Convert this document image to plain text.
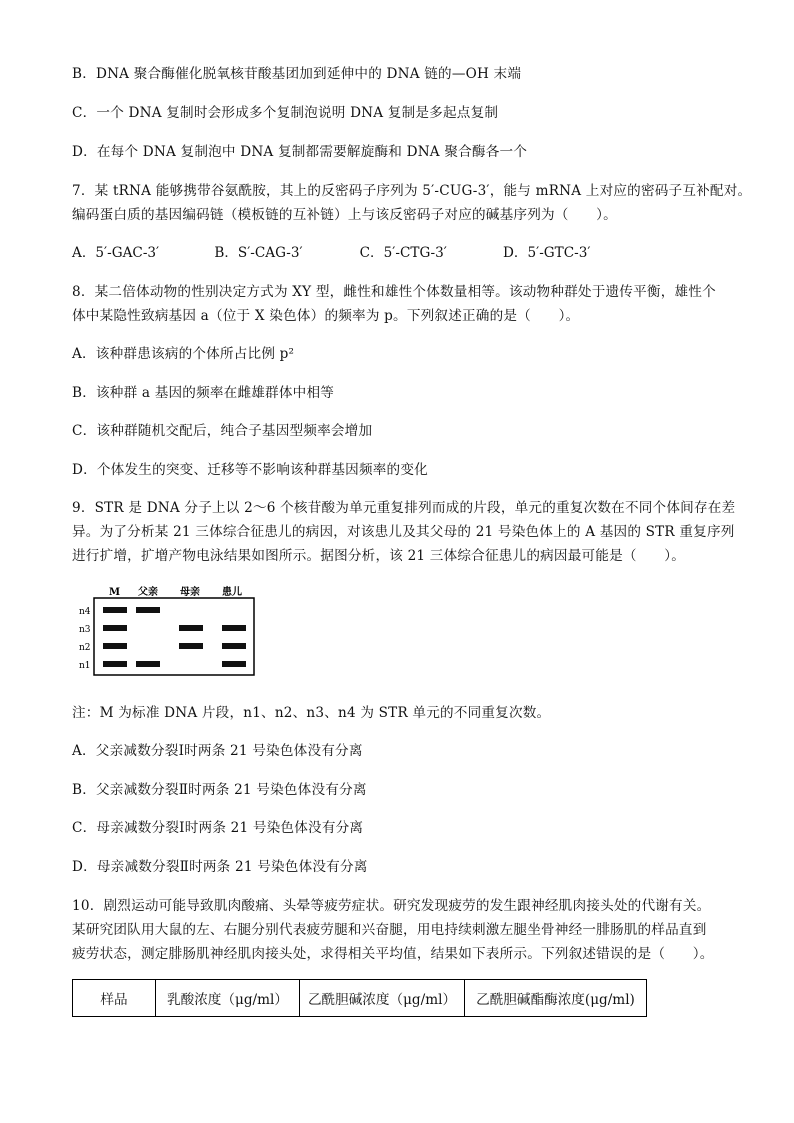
B．DNA 聚合酶催化脱氧核苷酸基团加到延伸中的 DNA 链的—OH 末端
C．一个 DNA 复制时会形成多个复制泡说明 DNA 复制是多起点复制
D．在每个 DNA 复制泡中 DNA 复制都需要解旋酶和 DNA 聚合酶各一个
7．某 tRNA 能够携带谷氨酰胺，其上的反密码子序列为 5′-CUG-3′，能与 mRNA 上对应的密码子互补配对。
编码蛋白质的基因编码链（模板链的互补链）上与该反密码子对应的碱基序列为（　　）。
A．5′-GAC-3′	B．S′-CAG-3′	C．5′-CTG-3′	D．5′-GTC-3′
8．某二倍体动物的性别决定方式为 XY 型，雌性和雄性个体数量相等。该动物种群处于遗传平衡，雄性个
体中某隐性致病基因 a（位于 X 染色体）的频率为 p。下列叙述正确的是（　　）。
A．该种群患该病的个体所占比例 p²
B．该种群 a 基因的频率在雌雄群体中相等
C．该种群随机交配后，纯合子基因型频率会增加
D．个体发生的突变、迁移等不影响该种群基因频率的变化
9．STR 是 DNA 分子上以 2～6 个核苷酸为单元重复排列而成的片段，单元的重复次数在不同个体间存在差
异。为了分析某 21 三体综合征患儿的病因，对该患儿及其父母的 21 号染色体上的 A 基因的 STR 重复序列
进行扩增，扩增产物电泳结果如图所示。据图分析，该 21 三体综合征患儿的病因最可能是（　　）。
M 父亲 母亲 患儿
n4
n3
n2
n1
注：M 为标准 DNA 片段，n1、n2、n3、n4 为 STR 单元的不同重复次数。
A．父亲减数分裂Ⅰ时两条 21 号染色体没有分离
B．父亲减数分裂Ⅱ时两条 21 号染色体没有分离
C．母亲减数分裂Ⅰ时两条 21 号染色体没有分离
D．母亲减数分裂Ⅱ时两条 21 号染色体没有分离
10．剧烈运动可能导致肌肉酸痛、头晕等疲劳症状。研究发现疲劳的发生跟神经肌肉接头处的代谢有关。
某研究团队用大鼠的左、右腿分别代表疲劳腿和兴奋腿，用电持续刺激左腿坐骨神经一腓肠肌的样品直到
疲劳状态，测定腓肠肌神经肌肉接头处，求得相关平均值，结果如下表所示。下列叙述错误的是（　　）。
样品	乳酸浓度（μg/ml）	乙酰胆碱浓度（μg/ml）	乙酰胆碱酯酶浓度(μg/ml)
